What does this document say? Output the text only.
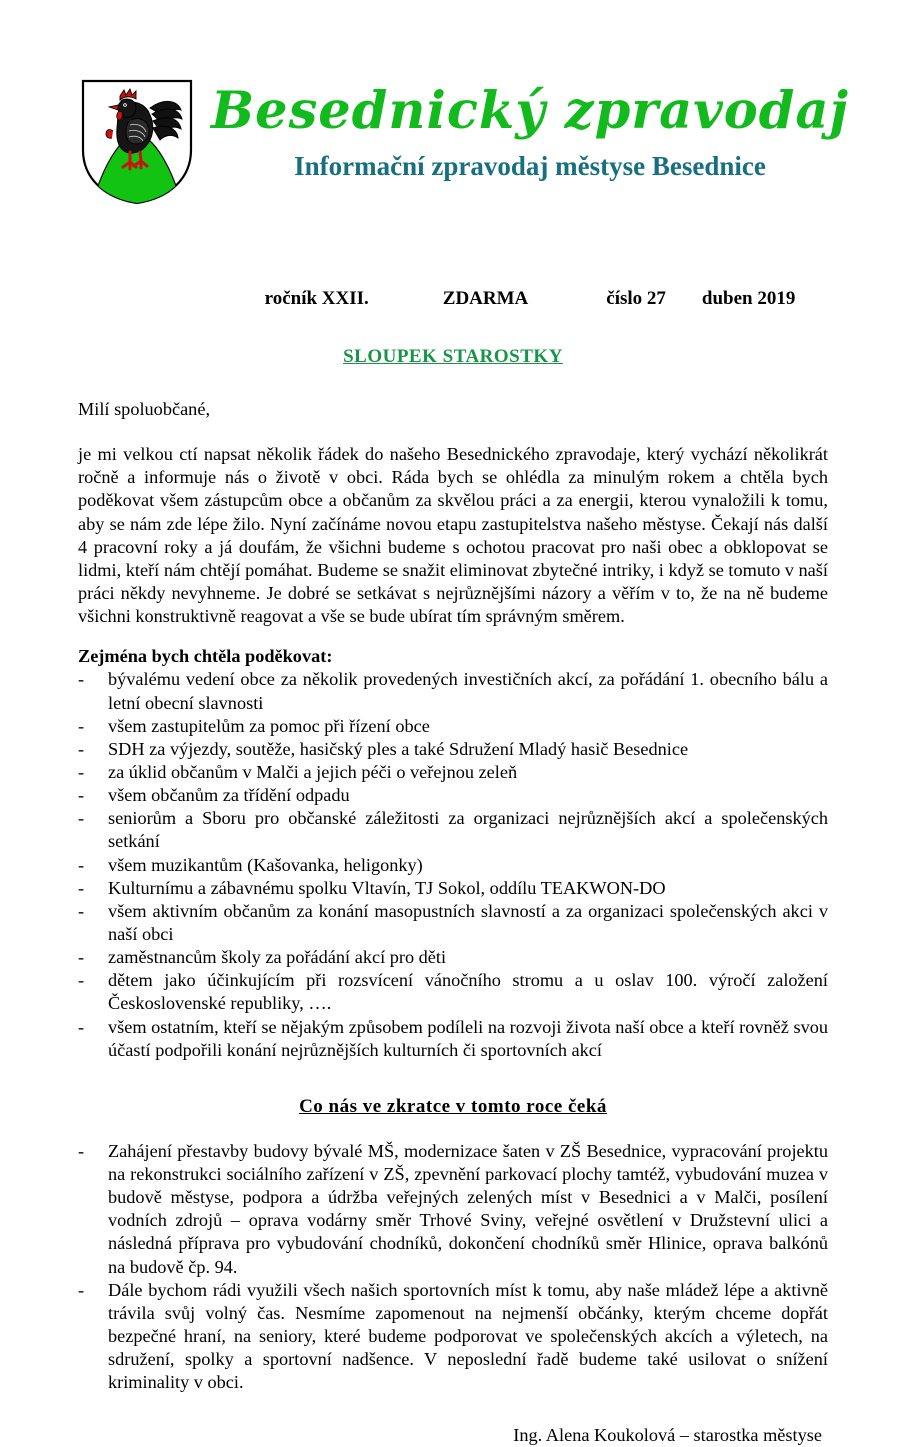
Besednický zpravodaj
Informační zpravodaj městyse Besednice
ročník XXII.	ZDARMA	číslo 27 duben 2019
SLOUPEK STAROSTKY

Milí spoluobčané,

je mi velkou ctí napsat několik řádek do našeho Besednického zpravodaje, který vychází několikrát ročně a informuje nás o životě v obci. Ráda bych se ohlédla za minulým rokem a chtěla bych poděkovat všem zástupcům obce a občanům za skvělou práci a za energii, kterou vynaložili k tomu, aby se nám zde lépe žilo. Nyní začínáme novou etapu zastupitelstva našeho městyse. Čekají nás další 4 pracovní roky a já doufám, že všichni budeme s ochotou pracovat pro naši obec a obklopovat se lidmi, kteří nám chtějí pomáhat. Budeme se snažit eliminovat zbytečné intriky, i když se tomuto v naší práci někdy nevyhneme. Je dobré se setkávat s nejrůznějšími názory a věřím v to, že na ně budeme všichni konstruktivně reagovat a vše se bude ubírat tím správným směrem.

Zejména bych chtěla poděkovat:

- bývalému vedení obce za několik provedených investičních akcí, za pořádání 1. obecního bálu a letní obecní slavnosti
- všem zastupitelům za pomoc při řízení obce
- SDH za výjezdy, soutěže, hasičský ples a také Sdružení Mladý hasič Besednice
- za úklid občanům v Malči a jejich péči o veřejnou zeleň
- všem občanům za třídění odpadu
- seniorům a Sboru pro občanské záležitosti za organizaci nejrůznějších akcí a společenských setkání
- všem muzikantům (Kašovanka, heligonky)
- Kulturnímu a zábavnému spolku Vltavín, TJ Sokol, oddílu TEAKWON-DO
- všem aktivním občanům za konání masopustních slavností a za organizaci společenských akci v naší obci
- zaměstnancům školy za pořádání akcí pro děti
- dětem jako účinkujícím při rozsvícení vánočního stromu a u oslav 100. výročí založení Československé republiky, ….
- všem ostatním, kteří se nějakým způsobem podíleli na rozvoji života naší obce a kteří rovněž svou účastí podpořili konání nejrůznějších kulturních či sportovních akcí
Co nás ve zkratce v tomto roce čeká
- Zahájení přestavby budovy bývalé MŠ, modernizace šaten v ZŠ Besednice, vypracování projektu na rekonstrukci sociálního zařízení v ZŠ, zpevnění parkovací plochy tamtéž, vybudování muzea v budově městyse, podpora a údržba veřejných zelených míst v Besednici a v Malči, posílení vodních zdrojů – oprava vodárny směr Trhové Sviny, veřejné osvětlení v Družstevní ulici a následná příprava pro vybudování chodníků, dokončení chodníků směr Hlinice, oprava balkónů na budově čp. 94.
- Dále bychom rádi využili všech našich sportovních míst k tomu, aby naše mládež lépe a aktivně trávila svůj volný čas. Nesmíme zapomenout na nejmenší občánky, kterým chceme dopřát bezpečné hraní, na seniory, které budeme podporovat ve společenských akcích a výletech, na sdružení, spolky a sportovní nadšence. V neposlední řadě budeme také usilovat o snížení kriminality v obci.

Ing. Alena Koukolová – starostka městyse
